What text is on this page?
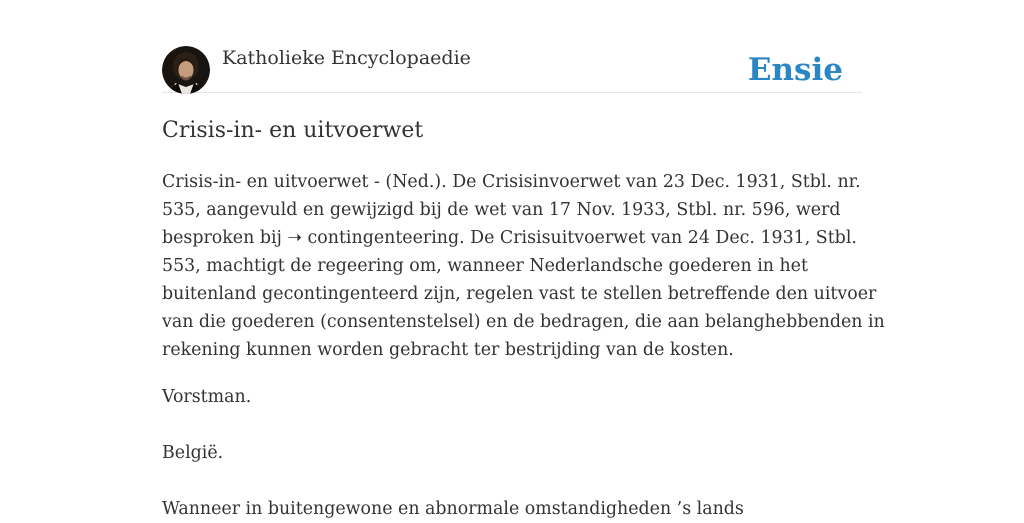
Katholieke Encyclopaedie	Ensie
Crisis-in- en uitvoerwet

Crisis-in- en uitvoerwet - (Ned.). De Crisisinvoerwet van 23 Dec. 1931, Stbl. nr.
535, aangevuld en gewijzigd bij de wet van 17 Nov. 1933, Stbl. nr. 596, werd
besproken bij ➝ contingenteering. De Crisisuitvoerwet van 24 Dec. 1931, Stbl.
553, machtigt de regeering om, wanneer Nederlandsche goederen in het
buitenland gecontingenteerd zijn, regelen vast te stellen betreffende den uitvoer
van die goederen (consentenstelsel) en de bedragen, die aan belanghebbenden in
rekening kunnen worden gebracht ter bestrijding van de kosten.

Vorstman.
België.
Wanneer in buitengewone en abnormale omstandigheden ’s lands
